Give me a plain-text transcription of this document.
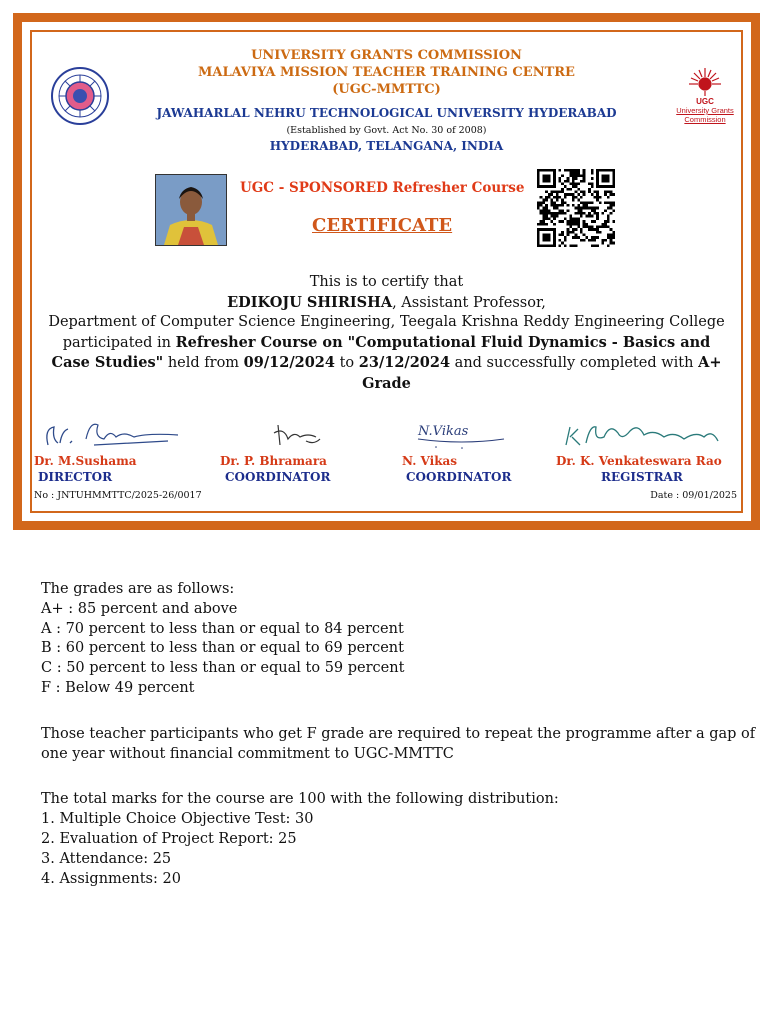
UNIVERSITY GRANTS COMMISSION
MALAVIYA MISSION TEACHER TRAINING CENTRE
(UGC-MMTTC)
JAWAHARLAL NEHRU TECHNOLOGICAL UNIVERSITY HYDERABAD
(Established by Govt. Act No. 30 of 2008)
HYDERABAD, TELANGANA, INDIA
UGC
University Grants Commission
UGC - SPONSORED Refresher Course
CERTIFICATE
This is to certify that
EDIKOJU SHIRISHA, Assistant Professor,
Department of Computer Science Engineering, Teegala Krishna Reddy Engineering College
participated in Refresher Course on "Computational Fluid Dynamics - Basics and
Case Studies" held from 09/12/2024 to 23/12/2024 and successfully completed with A+
Grade
N.Vikas
Dr. M.Sushama
DIRECTOR
Dr. P. Bhramara
COORDINATOR
N. Vikas
COORDINATOR
Dr. K. Venkateswara Rao
REGISTRAR
No : JNTUHMMTTC/2025-26/0017	Date : 09/01/2025

The grades are as follows:

A+ : 85 percent and above

A : 70 percent to less than or equal to 84 percent

B : 60 percent to less than or equal to 69 percent

C : 50 percent to less than or equal to 59 percent

F : Below 49 percent

Those teacher participants who get F grade are required to repeat the programme after a gap of one year without financial commitment to UGC-MMTTC

The total marks for the course are 100 with the following distribution:

1. Multiple Choice Objective Test: 30

2. Evaluation of Project Report: 25

3. Attendance: 25

4. Assignments: 20
